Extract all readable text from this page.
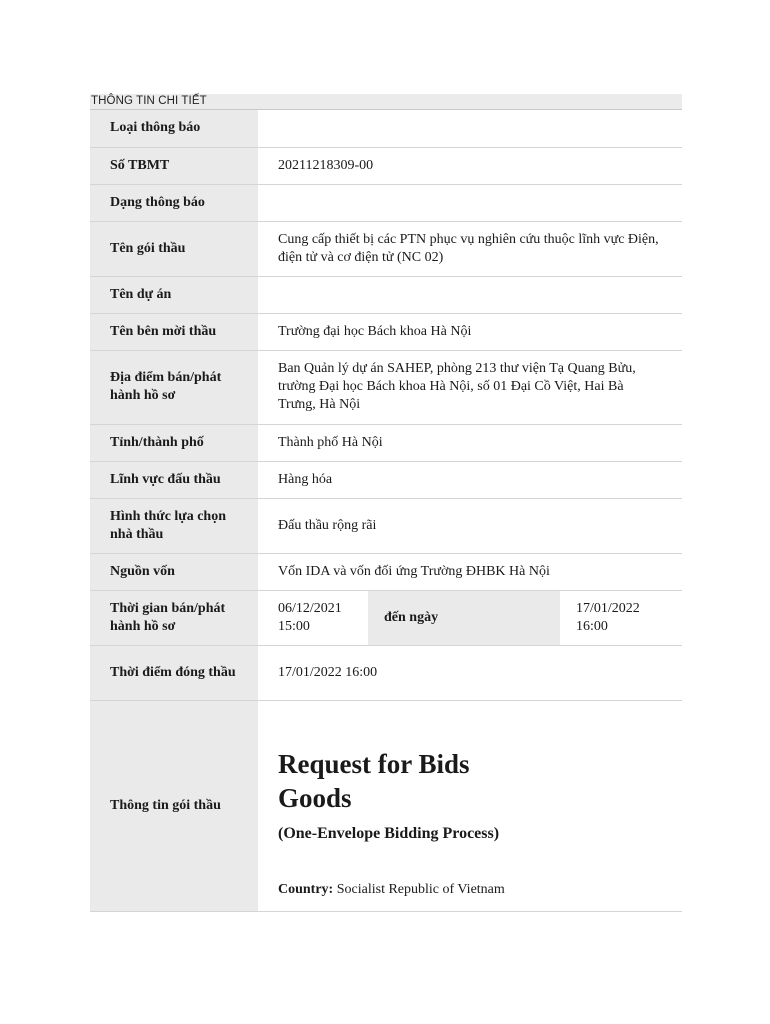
THÔNG TIN CHI TIẾT
Loại thông báo			
Số TBMT	20211218309-00		
Dạng thông báo			
Tên gói thầu	Cung cấp thiết bị các PTN phục vụ nghiên cứu thuộc lĩnh vực Điện, điện tử và cơ điện tử (NC 02)		
Tên dự án			
Tên bên mời thầu	Trường đại học Bách khoa Hà Nội		
Địa điểm bán/phát hành hồ sơ	Ban Quản lý dự án SAHEP, phòng 213 thư viện Tạ Quang Bửu, trường Đại học Bách khoa Hà Nội, số 01 Đại Cồ Việt, Hai Bà Trưng, Hà Nội		
Tỉnh/thành phố	Thành phố Hà Nội		
Lĩnh vực đấu thầu	Hàng hóa		
Hình thức lựa chọn nhà thầu	Đấu thầu rộng rãi		
Nguồn vốn	Vốn IDA và vốn đối ứng Trường ĐHBK Hà Nội		
Thời gian bán/phát hành hồ sơ	06/12/2021 15:00	đến ngày	17/01/2022 16:00
Thời điểm đóng thầu	17/01/2022 16:00		
Thông tin gói thầu	Request for Bids
Goods
(One-Envelope Bidding Process)
Country: Socialist Republic of Vietnam		
